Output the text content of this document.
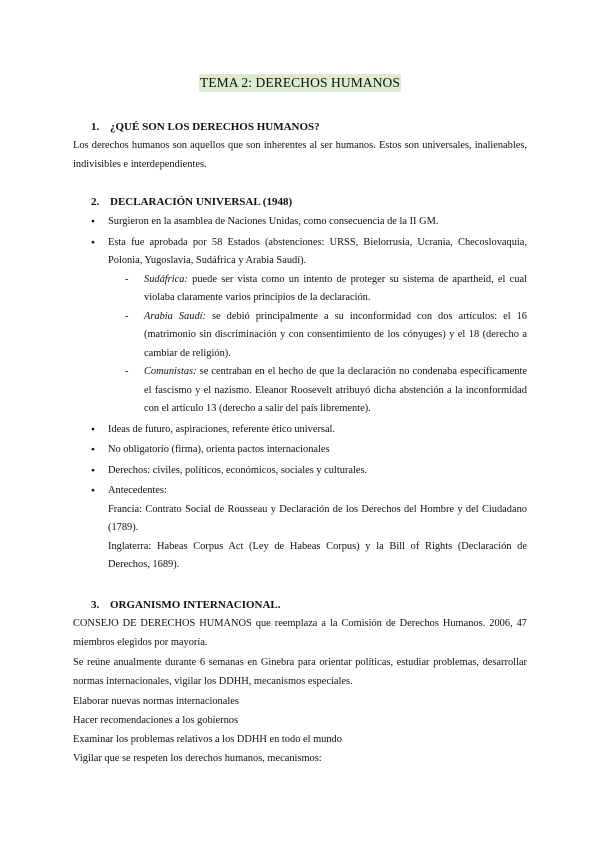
TEMA 2: DERECHOS HUMANOS
1. ¿QUÉ SON LOS DERECHOS HUMANOS?
Los derechos humanos son aquellos que son inherentes al ser humanos. Estos son universales, inalienables, indivisibles e interdependientes.
2. DECLARACIÓN UNIVERSAL (1948)
● Surgieron en la asamblea de Naciones Unidas, como consecuencia de la II GM.
● Esta fue aprobada por 58 Estados (abstenciones: URSS, Bielorrusia, Ucrania, Checoslovaquia, Polonia, Yugoslavia, Sudáfrica y Arabia Saudí).
- Sudáfrica: puede ser vista como un intento de proteger su sistema de apartheid, el cual violaba claramente varios principios de la declaración.
- Arabia Saudí: se debió principalmente a su inconformidad con dos artículos: el 16 (matrimonio sin discriminación y con consentimiento de los cónyuges) y el 18 (derecho a cambiar de religión).
- Comunistas: se centraban en el hecho de que la declaración no condenaba específicamente el fascismo y el nazismo. Eleanor Roosevelt atribuyó dicha abstención a la inconformidad con el artículo 13 (derecho a salir del país libremente).
● Ideas de futuro, aspiraciones, referente ético universal.
● No obligatorio (firma), orienta pactos internacionales
● Derechos: civiles, políticos, económicos, sociales y culturales.
● Antecedentes:
Francia: Contrato Social de Rousseau y Declaración de los Derechos del Hombre y del Ciudadano (1789).
Inglaterra: Habeas Corpus Act (Ley de Habeas Corpus) y la Bill of Rights (Declaración de Derechos, 1689).
3. ORGANISMO INTERNACIONAL.
CONSEJO DE DERECHOS HUMANOS que reemplaza a la Comisión de Derechos Humanos. 2006, 47 miembros elegidos por mayoría.
Se reúne anualmente durante 6 semanas en Ginebra para orientar políticas, estudiar problemas, desarrollar normas internacionales, vigilar los DDHH, mecanismos especiales.
Elaborar nuevas normas internacionales
Hacer recomendaciones a los gobiernos
Examinar los problemas relativos a los DDHH en todo el mundo
Vigilar que se respeten los derechos humanos, mecanismos:
